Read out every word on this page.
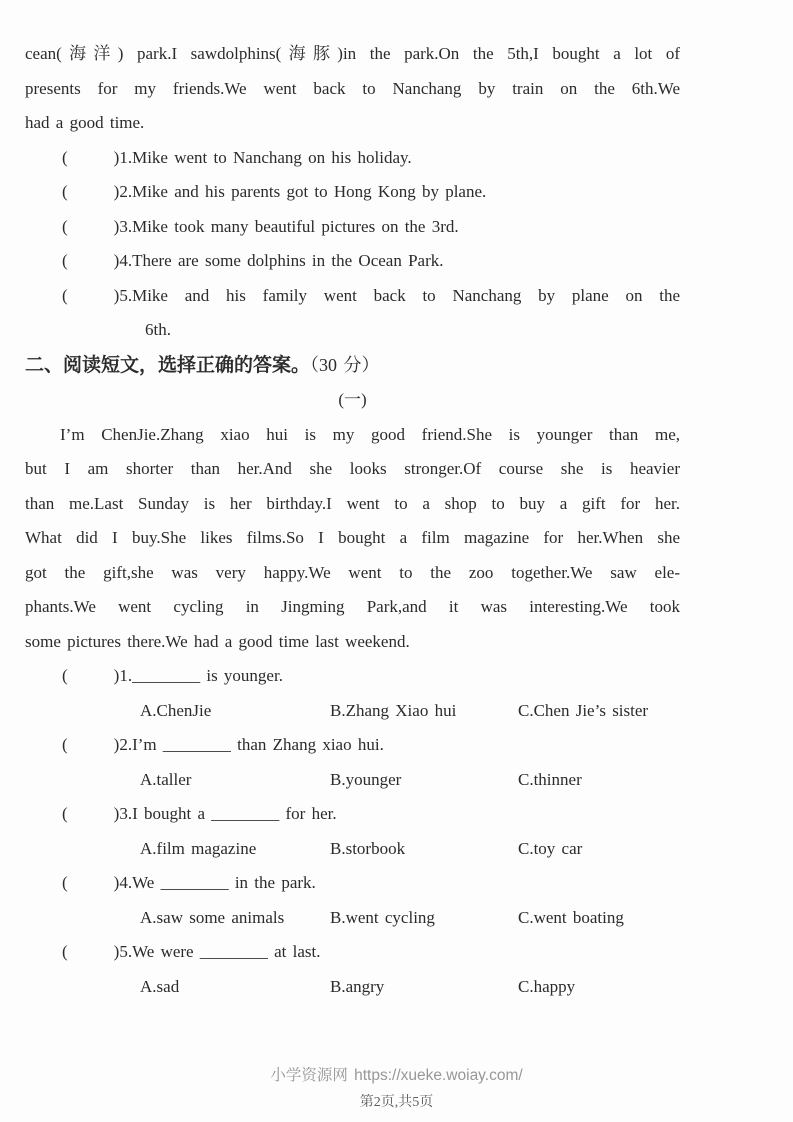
cean(海洋) park.I sawdolphins(海豚)in the park.On the 5th,I bought a lot of
presents for my friends.We went back to Nanchang by train on the 6th.We
had a good time.
(	)1.Mike went to Nanchang on his holiday.
(	)2.Mike and his parents got to Hong Kong by plane.
(	)3.Mike took many beautiful pictures on the 3rd.
(	)4.There are some dolphins in the Ocean Park.
(	)5.Mike and his family went back to Nanchang by plane on the
6th.
二、阅读短文，选择正确的答案。（30 分）
(一)
I’m ChenJie.Zhang xiao hui is my good friend.She is younger than me,
but I am shorter than her.And she looks stronger.Of course she is heavier
than me.Last Sunday is her birthday.I went to a shop to buy a gift for her.
What did I buy.She likes films.So I bought a film magazine for her.When she
got the gift,she was very happy.We went to the zoo together.We saw ele-
phants.We went cycling in Jingming Park,and it was interesting.We took
some pictures there.We had a good time last weekend.
(	)1.________ is younger.
A.ChenJie	B.Zhang Xiao hui	C.Chen Jie’s sister
(	)2.I’m ________ than Zhang xiao hui.
A.taller	B.younger	C.thinner
(	)3.I bought a ________ for her.
A.film magazine	B.storbook	C.toy car
(	)4.We ________ in the park.
A.saw some animals	B.went cycling	C.went boating
(	)5.We were ________ at last.
A.sad	B.angry	C.happy
小学资源网 https://xueke.woiay.com/
第2页,共5页
